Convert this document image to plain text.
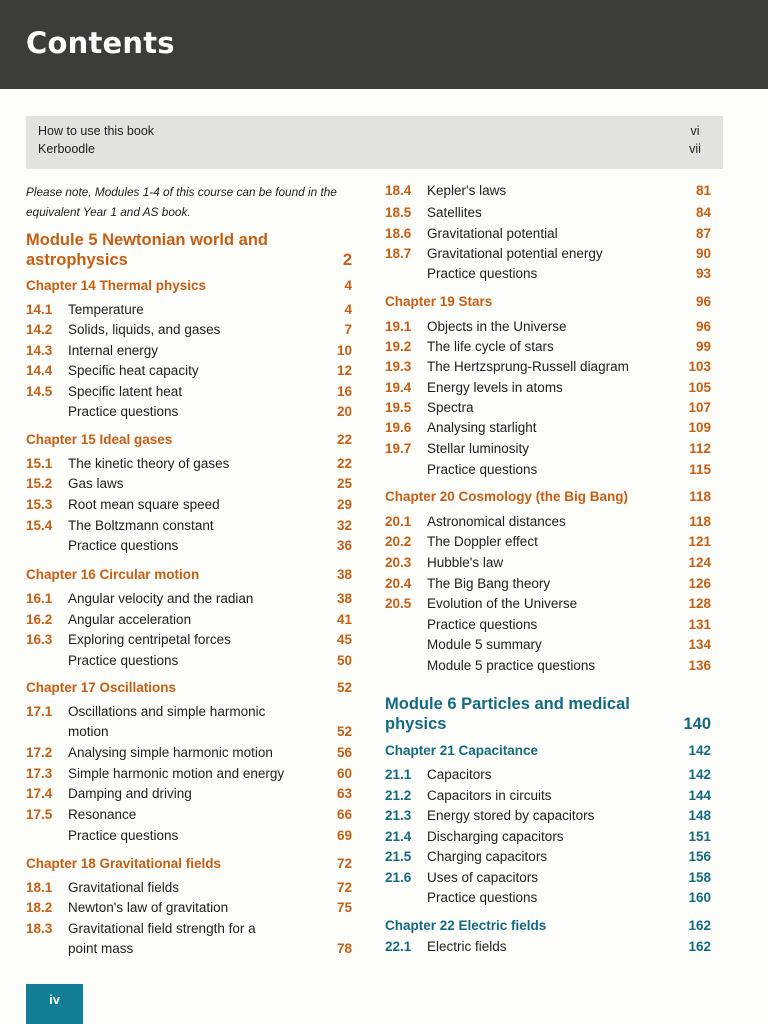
Contents
How to use this book	vi
Kerboodle	vii
Please note, Modules 1-4 of this course can be found in the equivalent Year 1 and AS book.
Module 5 Newtonian world and
astrophysics	2
Chapter 14 Thermal physics	4
14.1 Temperature	4
14.2 Solids, liquids, and gases	7
14.3 Internal energy	10
14.4 Specific heat capacity	12
14.5 Specific latent heat	16
Practice questions	20
Chapter 15 Ideal gases	22
15.1 The kinetic theory of gases	22
15.2 Gas laws	25
15.3 Root mean square speed	29
15.4 The Boltzmann constant	32
Practice questions	36
Chapter 16 Circular motion	38
16.1 Angular velocity and the radian	38
16.2 Angular acceleration	41
16.3 Exploring centripetal forces	45
Practice questions	50
Chapter 17 Oscillations	52
17.1 Oscillations and simple harmonic
motion	52
17.2 Analysing simple harmonic motion	56
17.3 Simple harmonic motion and energy	60
17.4 Damping and driving	63
17.5 Resonance	66
Practice questions	69
Chapter 18 Gravitational fields	72
18.1 Gravitational fields	72
18.2 Newton's law of gravitation	75
18.3 Gravitational field strength for a
point mass	78
18.4 Kepler's laws	81
18.5 Satellites	84
18.6 Gravitational potential	87
18.7 Gravitational potential energy	90
Practice questions	93
Chapter 19 Stars	96
19.1 Objects in the Universe	96
19.2 The life cycle of stars	99
19.3 The Hertzsprung-Russell diagram	103
19.4 Energy levels in atoms	105
19.5 Spectra	107
19.6 Analysing starlight	109
19.7 Stellar luminosity	112
Practice questions	115
Chapter 20 Cosmology (the Big Bang)	118
20.1 Astronomical distances	118
20.2 The Doppler effect	121
20.3 Hubble's law	124
20.4 The Big Bang theory	126
20.5 Evolution of the Universe	128
Practice questions	131
Module 5 summary	134
Module 5 practice questions	136
Module 6 Particles and medical
physics	140
Chapter 21 Capacitance	142
21.1 Capacitors	142
21.2 Capacitors in circuits	144
21.3 Energy stored by capacitors	148
21.4 Discharging capacitors	151
21.5 Charging capacitors	156
21.6 Uses of capacitors	158
Practice questions	160
Chapter 22 Electric fields	162
22.1 Electric fields	162
iv
